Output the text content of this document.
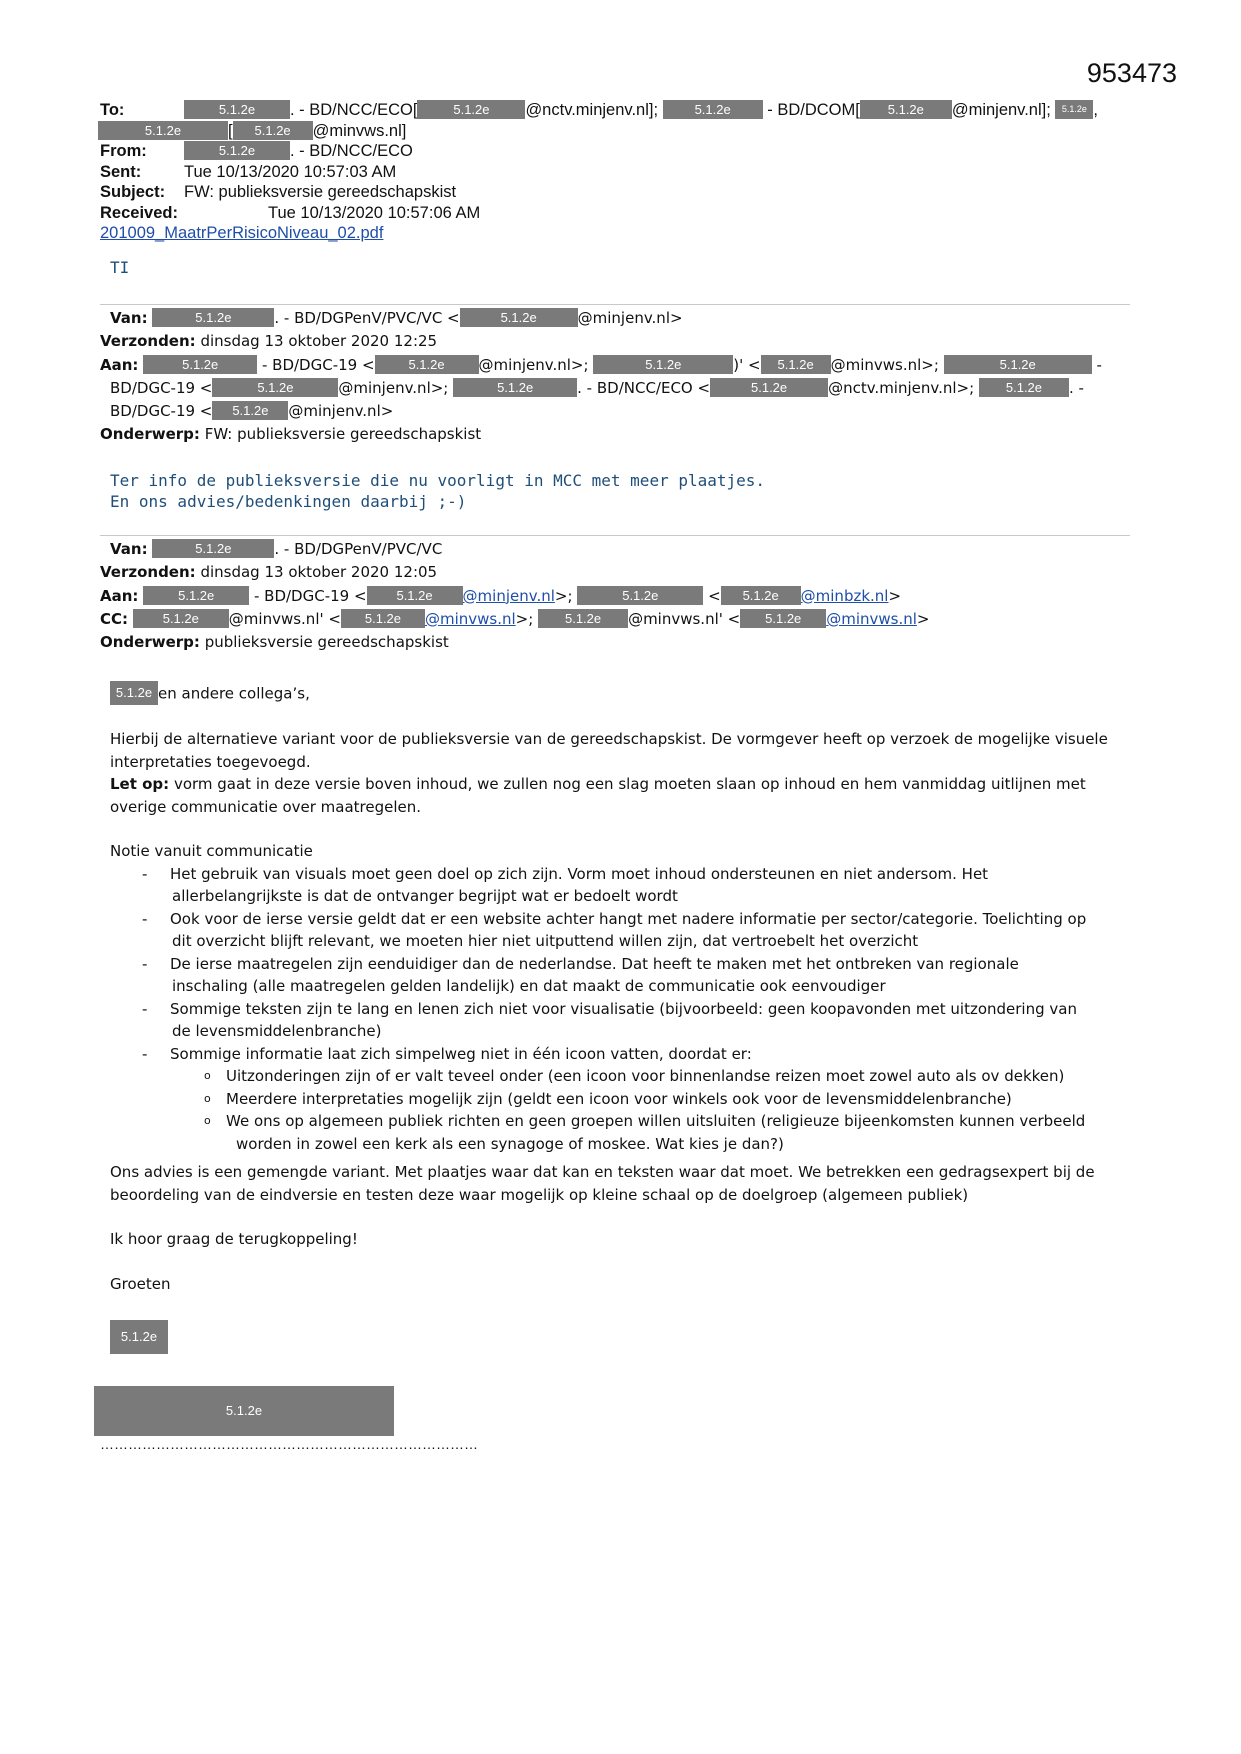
953473
To:	5.1.2e . - BD/NCC/ECO[	5.1.2e @nctv.minjenv.nl];	5.1.2e - BD/DCOM[ 5.1.2e @minjenv.nl]; 5.1.2e ,
5.1.2e	[ 5.1.2e @minvws.nl]
From:	5.1.2e . - BD/NCC/ECO
Sent:	Tue 10/13/2020 10:57:03 AM
Subject: FW: publieksversie gereedschapskist
Received:	Tue 10/13/2020 10:57:06 AM
201009_MaatrPerRisicoNiveau_02.pdf
TI
Van:	5.1.2e	. - BD/DGPenV/PVC/VC <	5.1.2e	@minjenv.nl>
Verzonden: dinsdag 13 oktober 2020 12:25
Aan:	5.1.2e	- BD/DGC-19 <	5.1.2e @minjenv.nl>;	5.1.2e	)' < 5.1.2e @minvws.nl>;	5.1.2e	-
BD/DGC-19 <	5.1.2e	@minjenv.nl>;	5.1.2e	. - BD/NCC/ECO <	5.1.2e	@nctv.minjenv.nl>; 5.1.2e . -
BD/DGC-19 < 5.1.2e @minjenv.nl>
Onderwerp: FW: publieksversie gereedschapskist
Ter info de publieksversie die nu voorligt in MCC met meer plaatjes.
En ons advies/bedenkingen daarbij ;-)
Van:	5.1.2e	. - BD/DGPenV/PVC/VC
Verzonden: dinsdag 13 oktober 2020 12:05
Aan:	5.1.2e	- BD/DGC-19 < 5.1.2e @minjenv.nl>;	5.1.2e	< 5.1.2e @minbzk.nl>
CC:	5.1.2e @minvws.nl' < 5.1.2e @minvws.nl>; 5.1.2e @minvws.nl' < 5.1.2e @minvws.nl>
Onderwerp: publieksversie gereedschapskist

5.1.2e en andere collega’s,

Hierbij de alternatieve variant voor de publieksversie van de gereedschapskist. De vormgever heeft op verzoek de mogelijke visuele interpretaties toegevoegd.

Let op: vorm gaat in deze versie boven inhoud, we zullen nog een slag moeten slaan op inhoud en hem vanmiddag uitlijnen met overige communicatie over maatregelen.

Notie vanuit communicatie

- Het gebruik van visuals moet geen doel op zich zijn. Vorm moet inhoud ondersteunen en niet andersom. Het
allerbelangrijkste is dat de ontvanger begrijpt wat er bedoelt wordt
- Ook voor de ierse versie geldt dat er een website achter hangt met nadere informatie per sector/categorie. Toelichting op
dit overzicht blijft relevant, we moeten hier niet uitputtend willen zijn, dat vertroebelt het overzicht
- De ierse maatregelen zijn eenduidiger dan de nederlandse. Dat heeft te maken met het ontbreken van regionale
inschaling (alle maatregelen gelden landelijk) en dat maakt de communicatie ook eenvoudiger
- Sommige teksten zijn te lang en lenen zich niet voor visualisatie (bijvoorbeeld: geen koopavonden met uitzondering van
de levensmiddelenbranche)
- Sommige informatie laat zich simpelweg niet in één icoon vatten, doordat er:
o Uitzonderingen zijn of er valt teveel onder (een icoon voor binnenlandse reizen moet zowel auto als ov dekken)
o Meerdere interpretaties mogelijk zijn (geldt een icoon voor winkels ook voor de levensmiddelenbranche)
o We ons op algemeen publiek richten en geen groepen willen uitsluiten (religieuze bijeenkomsten kunnen verbeeld
worden in zowel een kerk als een synagoge of moskee. Wat kies je dan?)

Ons advies is een gemengde variant. Met plaatjes waar dat kan en teksten waar dat moet. We betrekken een gedragsexpert bij de beoordeling van de eindversie en testen deze waar mogelijk op kleine schaal op de doelgroep (algemeen publiek)

Ik hoor graag de terugkoppeling!

Groeten

5.1.2e
5.1.2e
………………………………………………………………………
